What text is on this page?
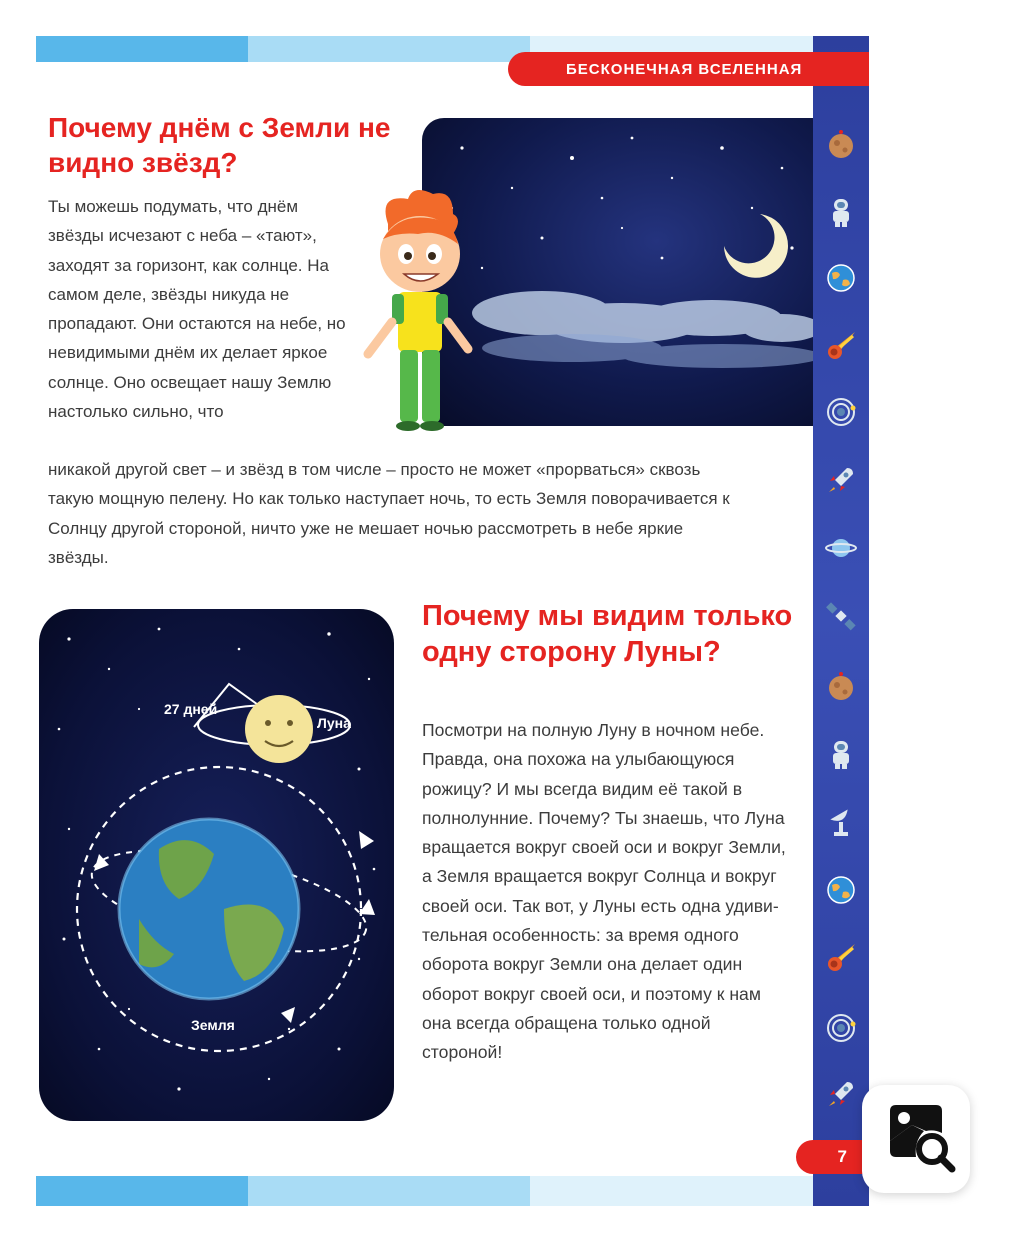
БЕСКОНЕЧНАЯ ВСЕЛЕННАЯ
Почему днём с Земли не видно звёзд?

Ты можешь подумать, что днём звёзды исчезают с неба – «тают», заходят за горизонт, как солнце. На самом деле, звёзды никуда не пропадают. Они остаются на небе, но невидимыми днём их делает яркое солнце. Оно освещает нашу Землю настолько сильно, что

никакой другой свет – и звёзд в том числе – просто не может «прорваться» сквозь такую мощную пелену. Но как только наступает ночь, то есть Земля поворачивается к Солнцу другой стороной, ничто уже не мешает ночью рассмотреть в небе яркие звёзды.

Почему мы видим только одну сторону Луны?

Посмотри на полную Луну в ночном небе. Правда, она похожа на улыбающуюся рожицу? И мы всегда видим её такой в полнолунние. Почему? Ты знаешь, что Луна вращается вокруг своей оси и вокруг Земли, а Земля вращается вокруг Солнца и вокруг своей оси. Так вот, у Луны есть одна удивительная особенность: за время одного оборота вокруг Земли она делает один оборот вокруг своей оси, и поэтому к нам она всегда обращена только одной стороной!

27 дней
Луна
Земля
7
